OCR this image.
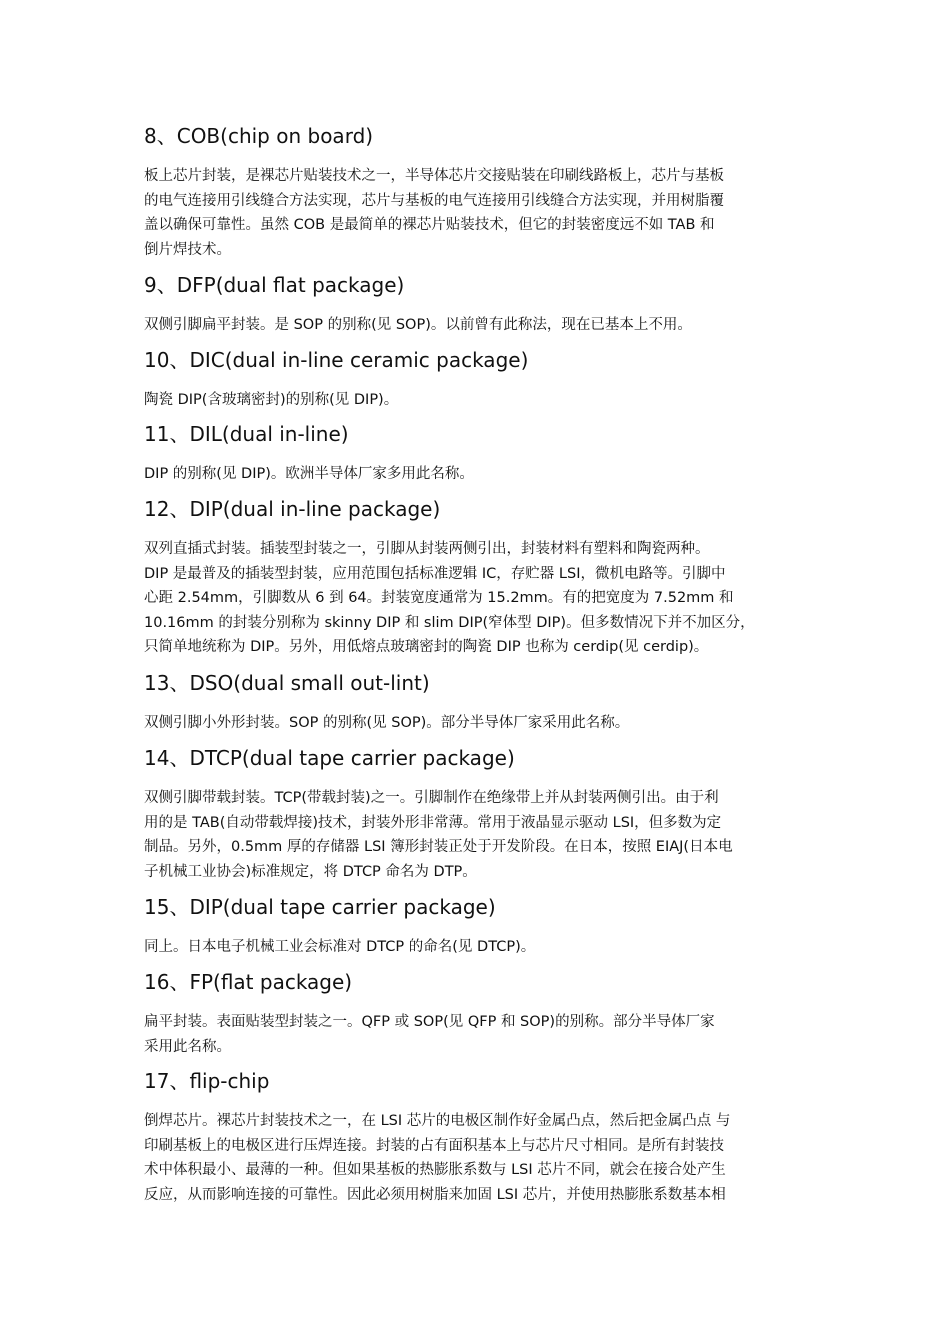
8、COB(chip on board)

板上芯片封装，是裸芯片贴装技术之一，半导体芯片交接贴装在印刷线路板上，芯片与基板
的电气连接用引线缝合方法实现，芯片与基板的电气连接用引线缝合方法实现，并用树脂覆
盖以确保可靠性。虽然 COB 是最简单的裸芯片贴装技术，但它的封装密度远不如 TAB 和
倒片焊技术。

9、DFP(dual flat package)

双侧引脚扁平封装。是 SOP 的别称(见 SOP)。以前曾有此称法，现在已基本上不用。

10、DIC(dual in-line ceramic package)

陶瓷 DIP(含玻璃密封)的别称(见 DIP)。

11、DIL(dual in-line)

DIP 的别称(见 DIP)。欧洲半导体厂家多用此名称。

12、DIP(dual in-line package)

双列直插式封装。插装型封装之一，引脚从封装两侧引出，封装材料有塑料和陶瓷两种。
DIP 是最普及的插装型封装，应用范围包括标准逻辑 IC，存贮器 LSI，微机电路等。引脚中
心距 2.54mm，引脚数从 6 到 64。封装宽度通常为 15.2mm。有的把宽度为 7.52mm 和
10.16mm 的封装分别称为 skinny DIP 和 slim DIP(窄体型 DIP)。但多数情况下并不加区分，
只简单地统称为 DIP。另外，用低熔点玻璃密封的陶瓷 DIP 也称为 cerdip(见 cerdip)。

13、DSO(dual small out-lint)

双侧引脚小外形封装。SOP 的别称(见 SOP)。部分半导体厂家采用此名称。

14、DTCP(dual tape carrier package)

双侧引脚带载封装。TCP(带载封装)之一。引脚制作在绝缘带上并从封装两侧引出。由于利
用的是 TAB(自动带载焊接)技术，封装外形非常薄。常用于液晶显示驱动 LSI，但多数为定
制品。另外，0.5mm 厚的存储器 LSI 簿形封装正处于开发阶段。在日本，按照 EIAJ(日本电
子机械工业协会)标准规定，将 DTCP 命名为 DTP。

15、DIP(dual tape carrier package)

同上。日本电子机械工业会标准对 DTCP 的命名(见 DTCP)。

16、FP(flat package)

扁平封装。表面贴装型封装之一。QFP 或 SOP(见 QFP 和 SOP)的别称。部分半导体厂家
采用此名称。

17、flip-chip

倒焊芯片。裸芯片封装技术之一，在 LSI 芯片的电极区制作好金属凸点，然后把金属凸点 与
印刷基板上的电极区进行压焊连接。封装的占有面积基本上与芯片尺寸相同。是所有封装技
术中体积最小、最薄的一种。但如果基板的热膨胀系数与 LSI 芯片不同，就会在接合处产生
反应，从而影响连接的可靠性。因此必须用树脂来加固 LSI 芯片，并使用热膨胀系数基本相
